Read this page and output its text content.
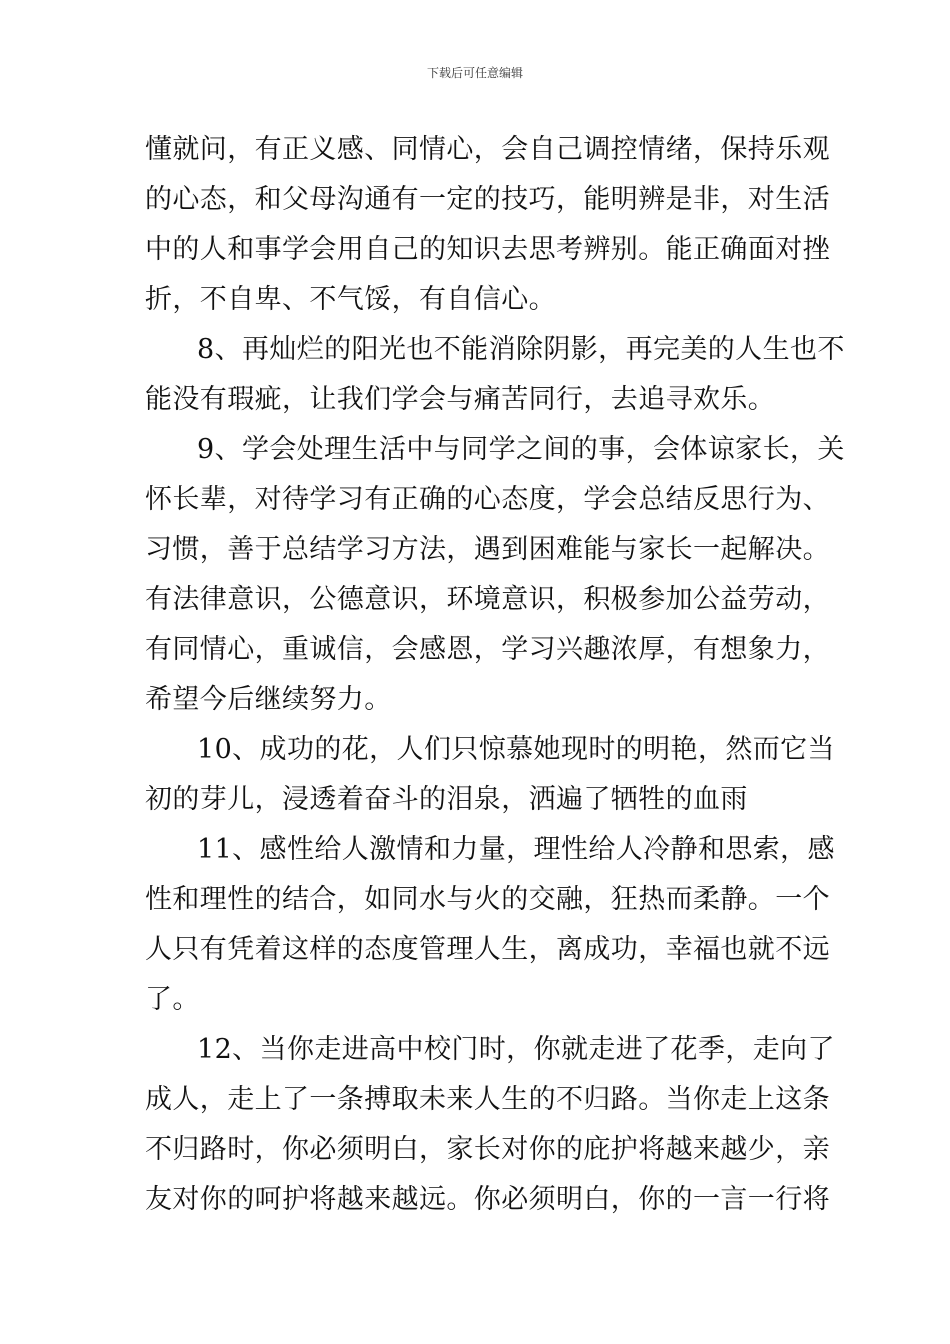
下载后可任意编辑
懂就问，有正义感、同情心，会自己调控情绪，保持乐观
的心态，和父母沟通有一定的技巧，能明辨是非，对生活
中的人和事学会用自己的知识去思考辨别。能正确面对挫
折，不自卑、不气馁，有自信心。
8、再灿烂的阳光也不能消除阴影，再完美的人生也不
能没有瑕疵，让我们学会与痛苦同行，去追寻欢乐。
9、学会处理生活中与同学之间的事，会体谅家长，关
怀长辈，对待学习有正确的心态度，学会总结反思行为、
习惯，善于总结学习方法，遇到困难能与家长一起解决。
有法律意识，公德意识，环境意识，积极参加公益劳动，
有同情心，重诚信，会感恩，学习兴趣浓厚，有想象力，
希望今后继续努力。
10、成功的花，人们只惊慕她现时的明艳，然而它当
初的芽儿，浸透着奋斗的泪泉，洒遍了牺牲的血雨
11、感性给人激情和力量，理性给人冷静和思索，感
性和理性的结合，如同水与火的交融，狂热而柔静。一个
人只有凭着这样的态度管理人生，离成功，幸福也就不远
了。
12、当你走进高中校门时，你就走进了花季，走向了
成人，走上了一条搏取未来人生的不归路。当你走上这条
不归路时，你必须明白，家长对你的庇护将越来越少，亲
友对你的呵护将越来越远。你必须明白，你的一言一行将
